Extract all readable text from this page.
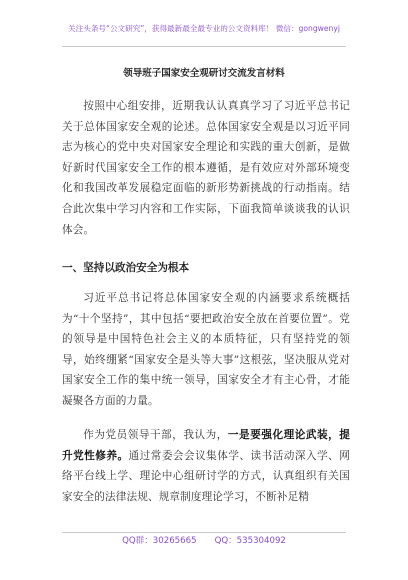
关注头条号“公文研究”，获得最新最全最专业的公文资料库！ 微信：gongwenyj
领导班子国家安全观研讨交流发言材料

按照中心组安排，近期我认认真真学习了习近平总书记关于总体国家安全观的论述。总体国家安全观是以习近平同志为核心的党中央对国家安全理论和实践的重大创新，是做好新时代国家安全工作的根本遵循，是有效应对外部环境变化和我国改革发展稳定面临的新形势新挑战的行动指南。结合此次集中学习内容和工作实际，下面我简单谈谈我的认识体会。

一、坚持以政治安全为根本

习近平总书记将总体国家安全观的内涵要求系统概括为“十个坚持”，其中包括“要把政治安全放在首要位置”。党的领导是中国特色社会主义的本质特征，只有坚持党的领导，始终绷紧“国家安全是头等大事”这根弦，坚决服从党对国家安全工作的集中统一领导，国家安全才有主心骨，才能凝聚各方面的力量。

作为党员领导干部，我认为，一是要强化理论武装，提升党性修养。通过常委会会议集体学、读书活动深入学、网络平台线上学、理论中心组研讨学的方式，认真组织有关国家安全的法律法规、规章制度理论学习，不断补足精

QQ群：30265665 QQ：535304092
